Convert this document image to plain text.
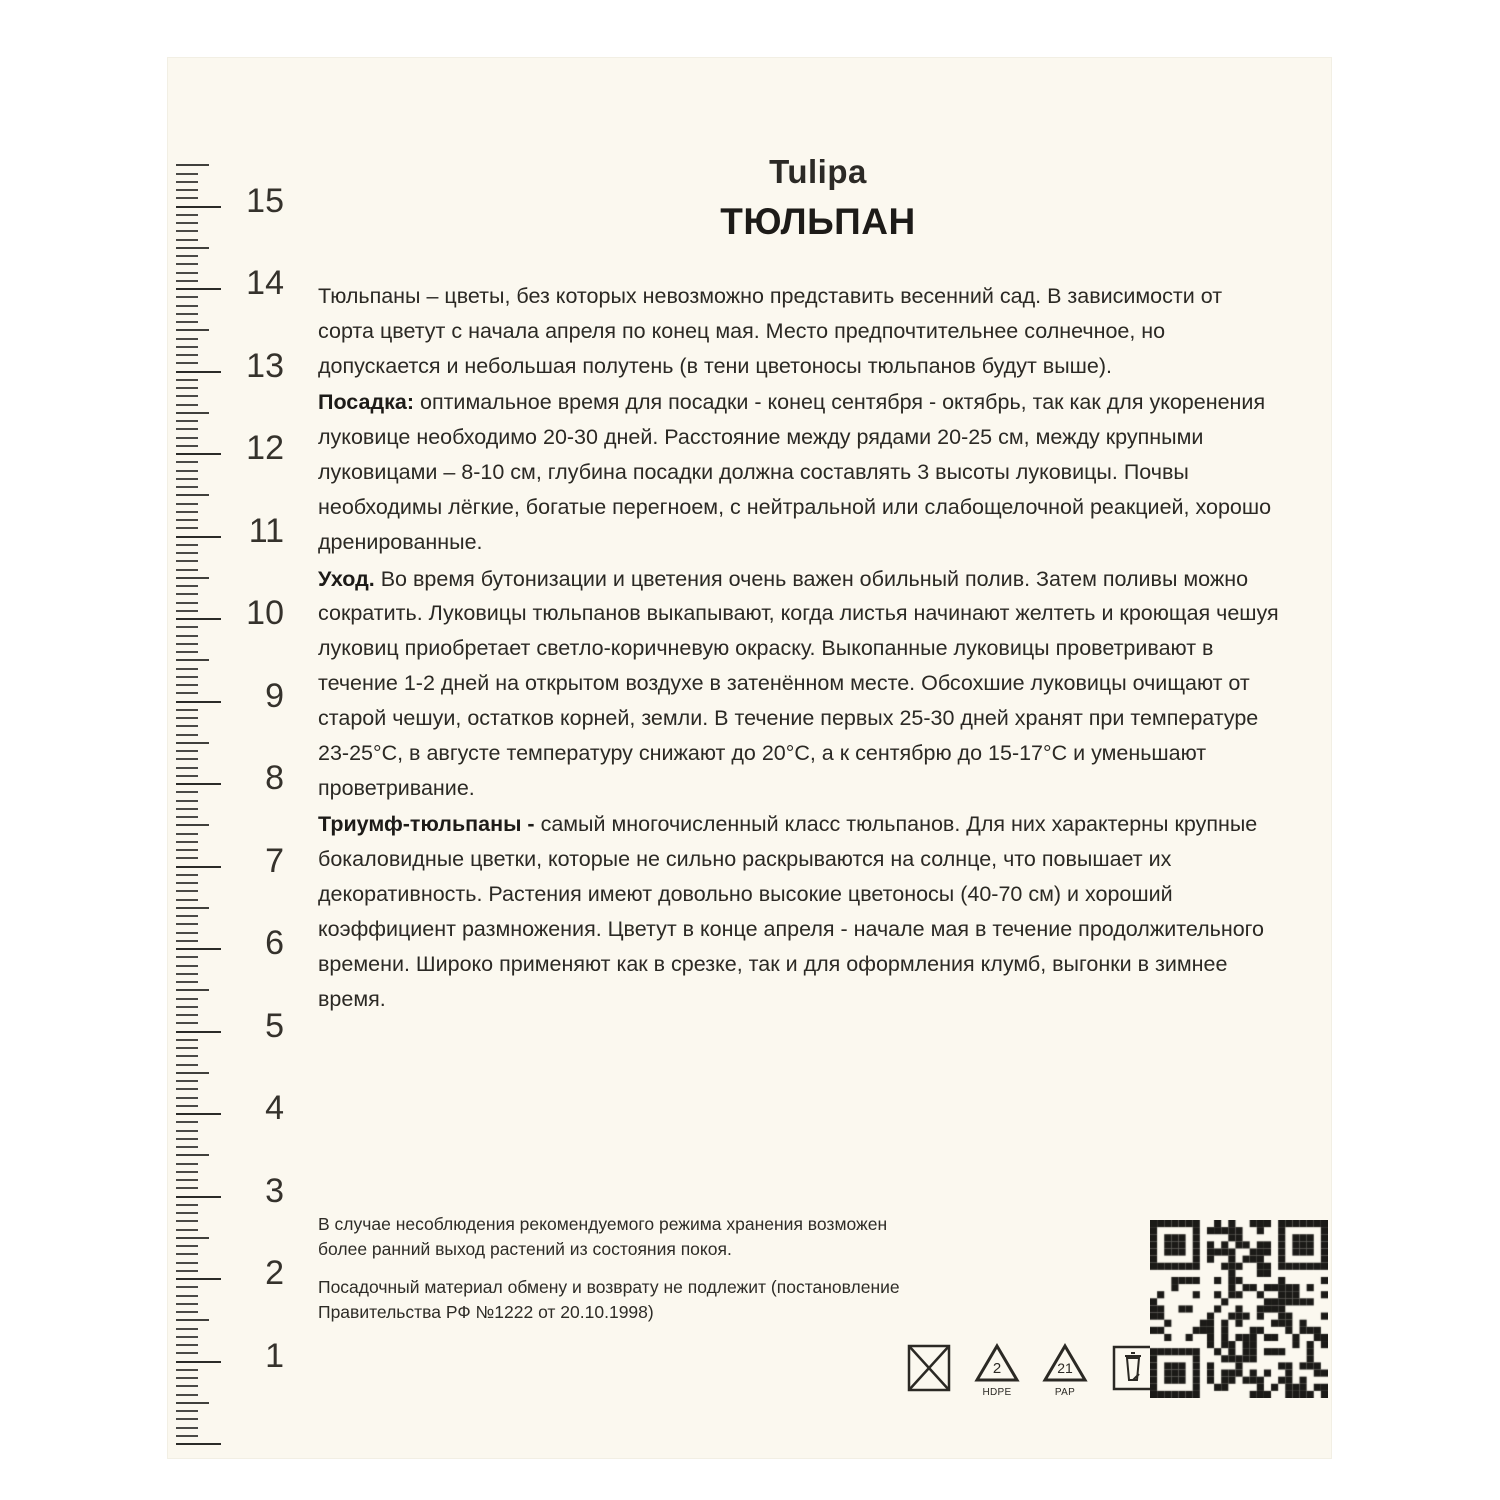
1
2
3
4
5
6
7
8
9
10
11
12
13
14
15
Tulipa
ТЮЛЬПАН

Тюльпаны – цветы, без которых невозможно представить весенний сад. В зависимости от сорта цветут с начала апреля по конец мая. Место предпочтительнее солнечное, но допускается и небольшая полутень (в тени цветоносы тюльпанов будут выше).

Посадка: оптимальное время для посадки - конец сентября - октябрь, так как для укоренения луковице необходимо 20-30 дней. Расстояние между рядами 20-25 см, между крупными луковицами – 8-10 см, глубина посадки должна составлять 3 высоты луковицы. Почвы необходимы лёгкие, богатые перегноем, с нейтральной или слабощелочной реакцией, хорошо дренированные.

Уход. Во время бутонизации и цветения очень важен обильный полив. Затем поливы можно сократить. Луковицы тюльпанов выкапывают, когда листья начинают желтеть и кроющая чешуя луковиц приобретает светло-коричневую окраску. Выкопанные луковицы проветривают в течение 1-2 дней на открытом воздухе в затенённом месте. Обсохшие луковицы очищают от старой чешуи, остатков корней, земли. В течение первых 25-30 дней хранят при температуре 23-25°С, в августе температуру снижают до 20°С, а к сентябрю до 15-17°С и уменьшают проветривание.

Триумф-тюльпаны - самый многочисленный класс тюльпанов. Для них характерны крупные бокаловидные цветки, которые не сильно раскрываются на солнце, что повышает их декоративность. Растения имеют довольно высокие цветоносы (40-70 см) и хороший коэффициент размножения. Цветут в конце апреля - начале мая в течение продолжительного времени. Широко применяют как в срезке, так и для оформления клумб, выгонки в зимнее время.

В случае несоблюдения рекомендуемого режима хранения возможен более ранний выход растений из состояния покоя.
Посадочный материал обмену и возврату не подлежит (постановление Правительства РФ №1222 от 20.10.1998)
2
HDPE
21
PAP
